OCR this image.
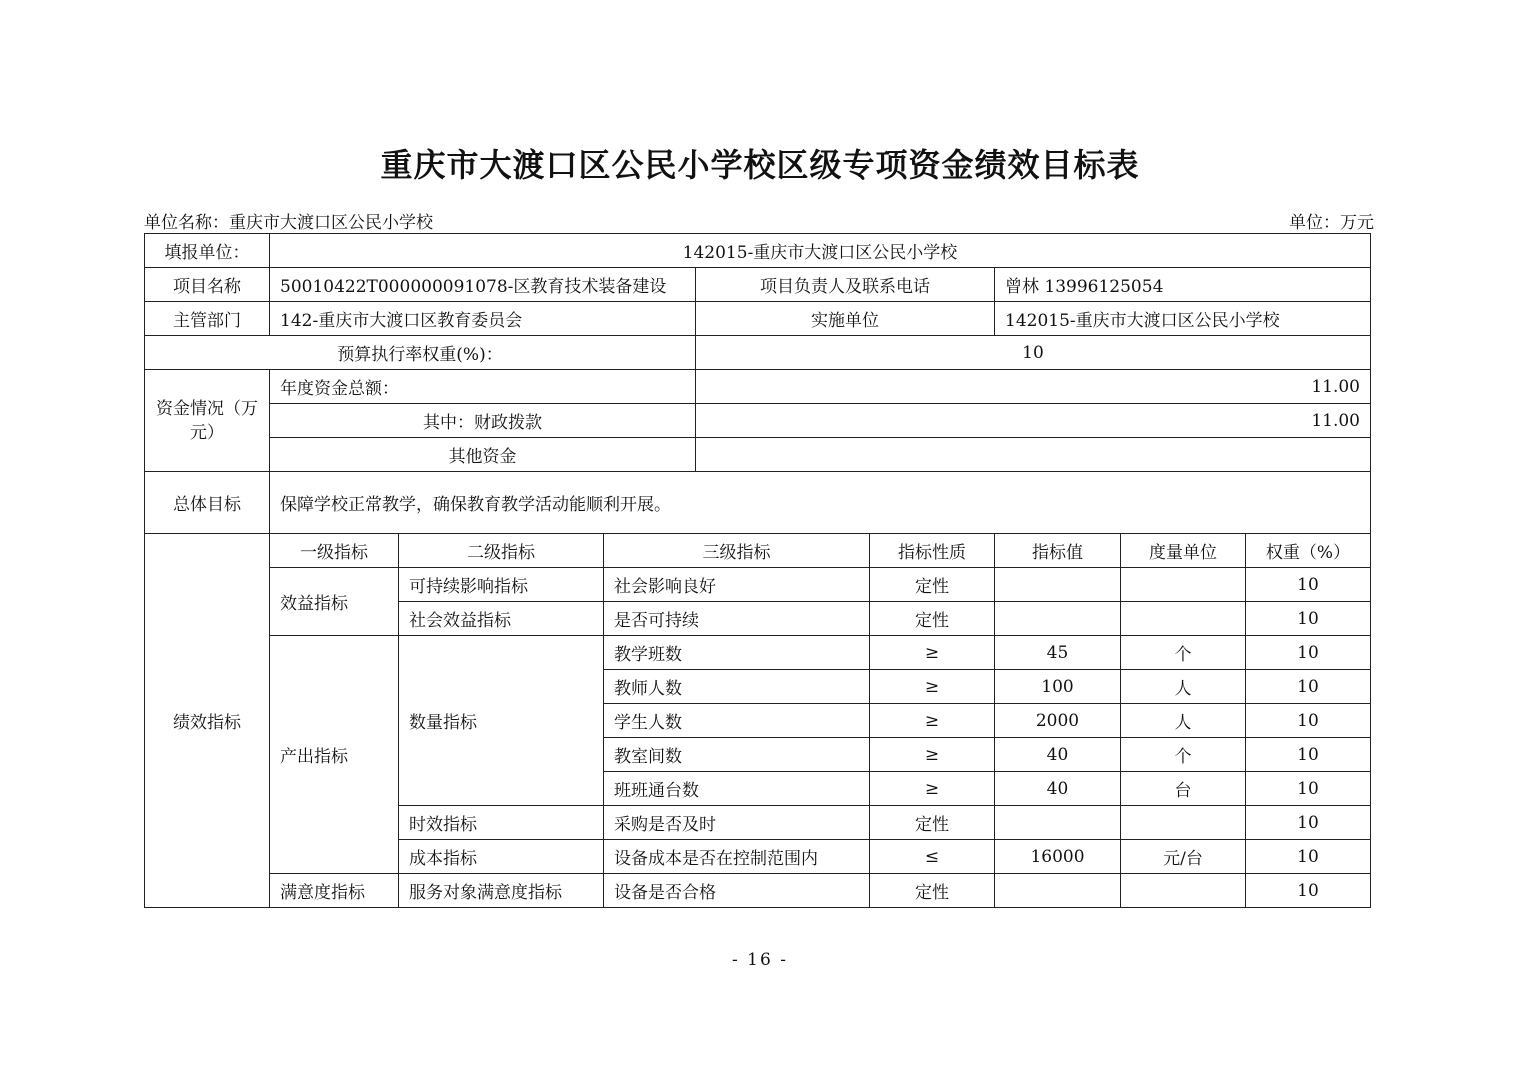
重庆市大渡口区公民小学校区级专项资金绩效目标表
单位名称：重庆市大渡口区公民小学校	单位：万元
填报单位：	142015-重庆市大渡口区公民小学校							
项目名称	50010422T000000091078-区教育技术装备建设			项目负责人及联系电话		曾林 13996125054		
主管部门	142-重庆市大渡口区教育委员会			实施单位		142015-重庆市大渡口区公民小学校		
预算执行率权重(%)：				10				
资金情况（万元）	年度资金总额：			11.00				
	其中：财政拨款			11.00				
	其他资金							
总体目标	保障学校正常教学，确保教育教学活动能顺利开展。							
绩效指标	一级指标	二级指标	三级指标		指标性质	指标值	度量单位	权重（%）
	效益指标	可持续影响指标	社会影响良好		定性			10
		社会效益指标	是否可持续		定性			10
	产出指标	数量指标	教学班数		≥	45	个	10
			教师人数		≥	100	人	10
			学生人数		≥	2000	人	10
			教室间数		≥	40	个	10
			班班通台数		≥	40	台	10
		时效指标	采购是否及时		定性			10
		成本指标	设备成本是否在控制范围内		≤	16000	元/台	10
	满意度指标	服务对象满意度指标	设备是否合格		定性			10
- 16 -
